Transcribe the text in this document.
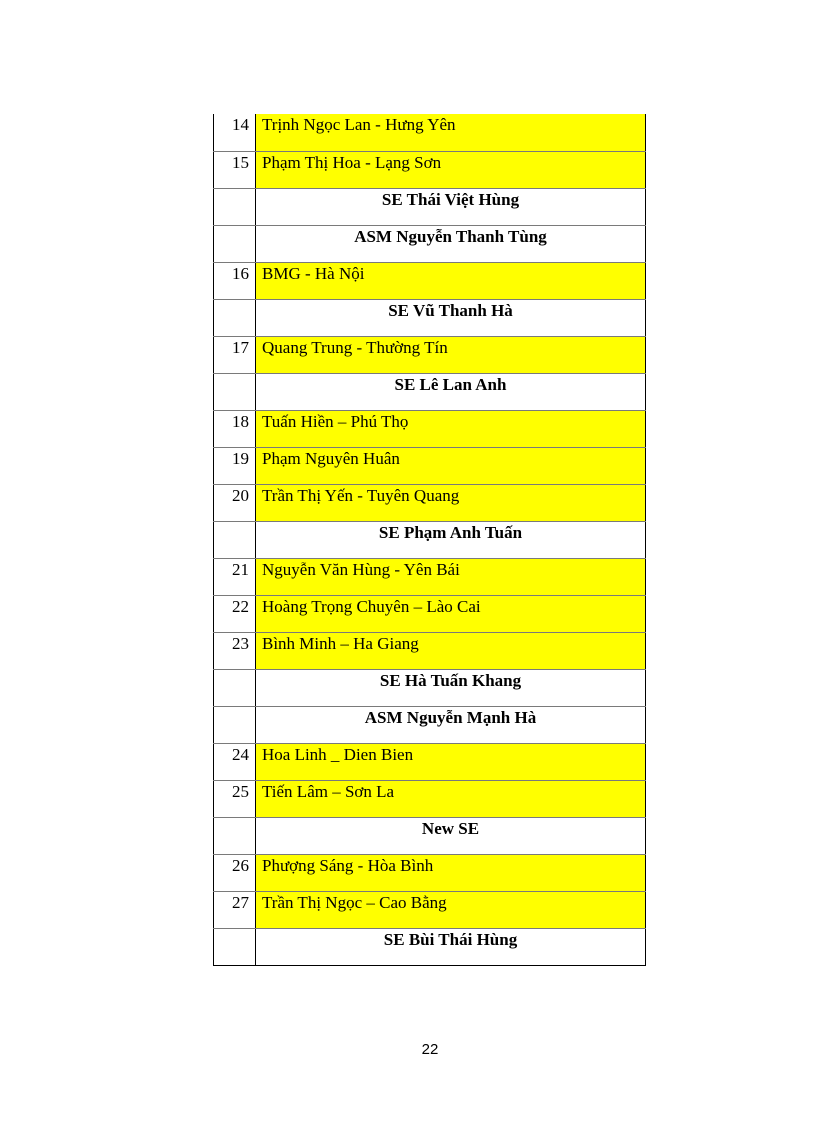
14	Trịnh Ngọc Lan - Hưng Yên
15	Phạm Thị Hoa - Lạng Sơn
	SE Thái Việt Hùng
	ASM Nguyễn Thanh Tùng
16	BMG - Hà Nội
	SE Vũ Thanh Hà
17	Quang Trung - Thường Tín
	SE Lê Lan Anh
18	Tuấn Hiền – Phú Thọ
19	Phạm Nguyên Huân
20	Trần Thị Yến - Tuyên Quang
	SE Phạm Anh Tuấn
21	Nguyễn Văn Hùng - Yên Bái
22	Hoàng Trọng Chuyên – Lào Cai
23	Bình Minh – Ha Giang
	SE Hà Tuấn Khang
	ASM Nguyễn Mạnh Hà
24	Hoa Linh _ Dien Bien
25	Tiến Lâm – Sơn La
	New SE
26	Phượng Sáng - Hòa Bình
27	Trần Thị Ngọc – Cao Bằng
	SE Bùi Thái Hùng
22
